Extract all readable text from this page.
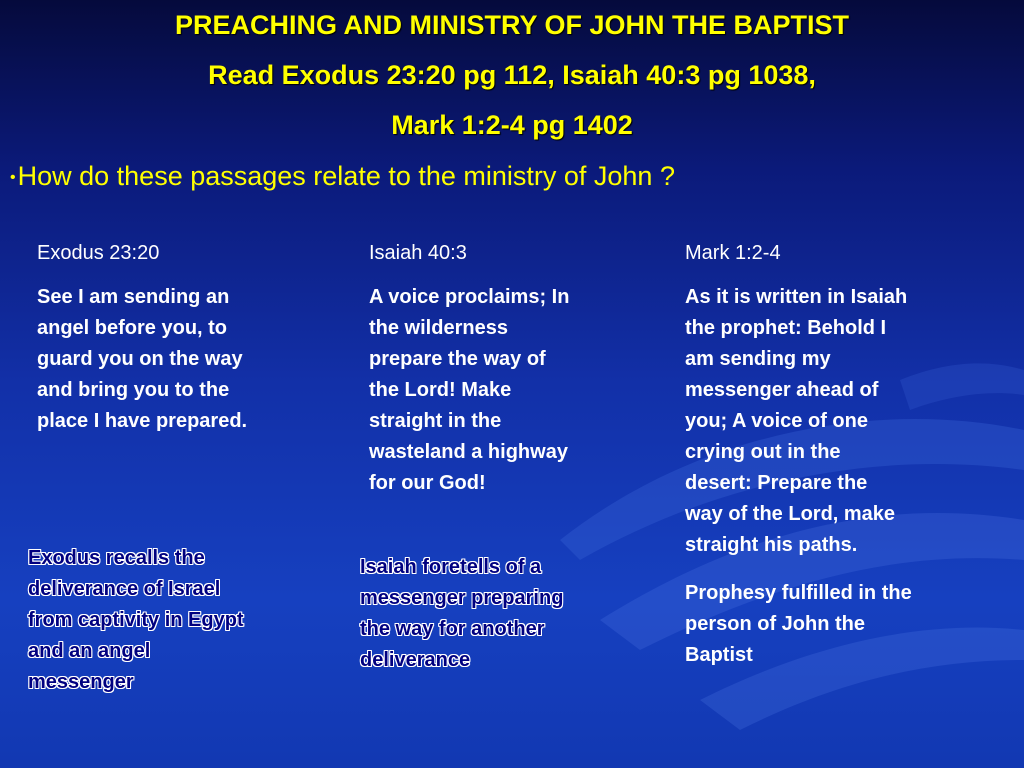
PREACHING AND MINISTRY OF JOHN THE BAPTIST
Read Exodus 23:20 pg 112, Isaiah 40:3 pg 1038,
Mark 1:2-4 pg 1402
•How do these passages relate to the ministry of John ?
Exodus 23:20
See I am sending an
angel before you, to
guard you on the way
and bring you to the
place I have prepared.
Exodus recalls the
deliverance of Israel
from captivity in Egypt
and an angel
messenger
Isaiah 40:3
A voice proclaims; In
the wilderness
prepare the way of
the Lord! Make
straight in the
wasteland a highway
for our God!
Isaiah foretells of a
messenger preparing
the way for another
deliverance
Mark 1:2-4
As it is written in Isaiah
the prophet: Behold I
am sending my
messenger ahead of
you; A voice of one
crying out in the
desert: Prepare the
way of the Lord, make
straight his paths.
Prophesy fulfilled in the
person of John the
Baptist
